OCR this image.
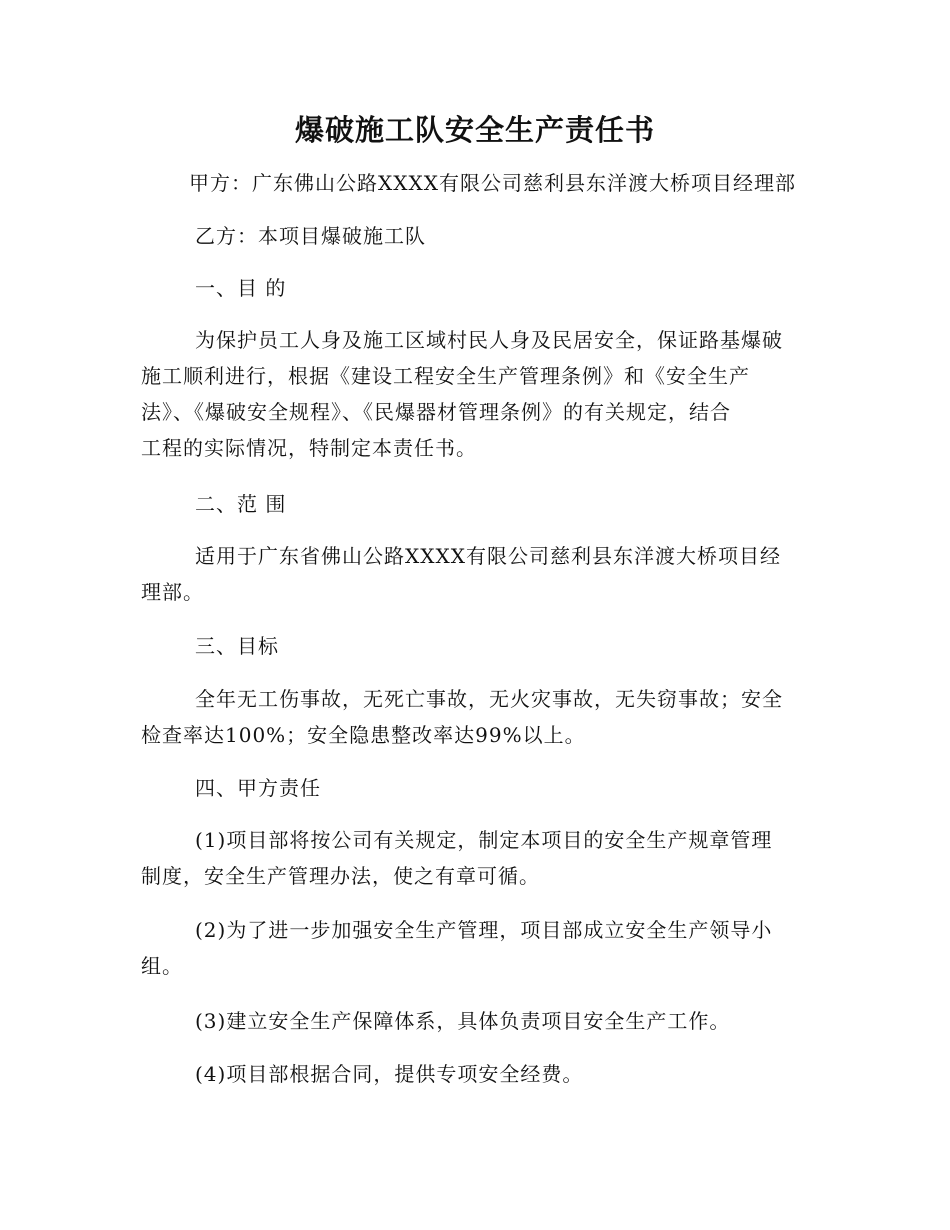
爆破施工队安全生产责任书

甲方：广东佛山公路XXXX有限公司慈利县东洋渡大桥项目经理部

乙方：本项目爆破施工队

一、目 的

为保护员工人身及施工区域村民人身及民居安全，保证路基爆破
施工顺利进行，根据《建设工程安全生产管理条例》和《安全生产
法》、《爆破安全规程》、《民爆器材管理条例》的有关规定，结合
工程的实际情况，特制定本责任书。

二、范 围

适用于广东省佛山公路XXXX有限公司慈利县东洋渡大桥项目经
理部。

三、目标

全年无工伤事故，无死亡事故，无火灾事故，无失窃事故；安全
检查率达100%；安全隐患整改率达99%以上。

四、甲方责任

(1)项目部将按公司有关规定，制定本项目的安全生产规章管理
制度，安全生产管理办法，使之有章可循。

(2)为了进一步加强安全生产管理，项目部成立安全生产领导小
组。

(3)建立安全生产保障体系，具体负责项目安全生产工作。

(4)项目部根据合同，提供专项安全经费。
